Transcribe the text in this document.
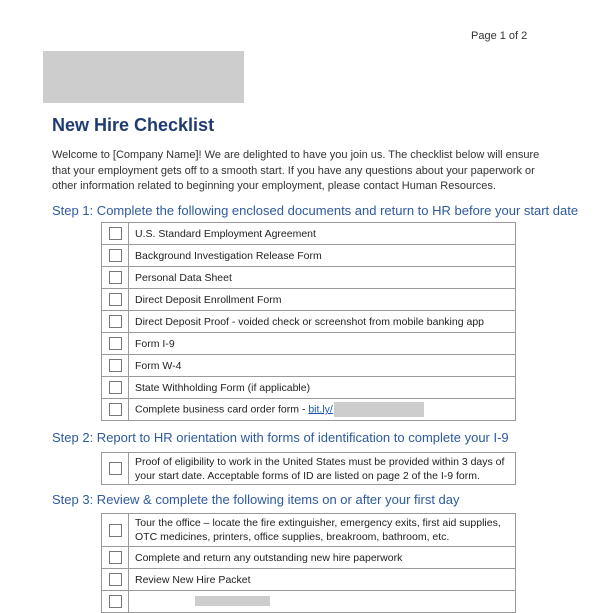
Page 1 of 2
New Hire Checklist
Welcome to [Company Name]! We are delighted to have you join us. The checklist below will ensure that your employment gets off to a smooth start. If you have any questions about your paperwork or other information related to beginning your employment, please contact Human Resources.
Step 1: Complete the following enclosed documents and return to HR before your start date
	U.S. Standard Employment Agreement
	Background Investigation Release Form
	Personal Data Sheet
	Direct Deposit Enrollment Form
	Direct Deposit Proof - voided check or screenshot from mobile banking app
	Form I-9
	Form W-4
	State Withholding Form (if applicable)
	Complete business card order form - bit.ly/
Step 2: Report to HR orientation with forms of identification to complete your I-9
	Proof of eligibility to work in the United States must be provided within 3 days of your start date. Acceptable forms of ID are listed on page 2 of the I-9 form.
Step 3: Review & complete the following items on or after your first day
	Tour the office – locate the fire extinguisher, emergency exits, first aid supplies, OTC medicines, printers, office supplies, breakroom, bathroom, etc.
	Complete and return any outstanding new hire paperwork
	Review New Hire Packet
